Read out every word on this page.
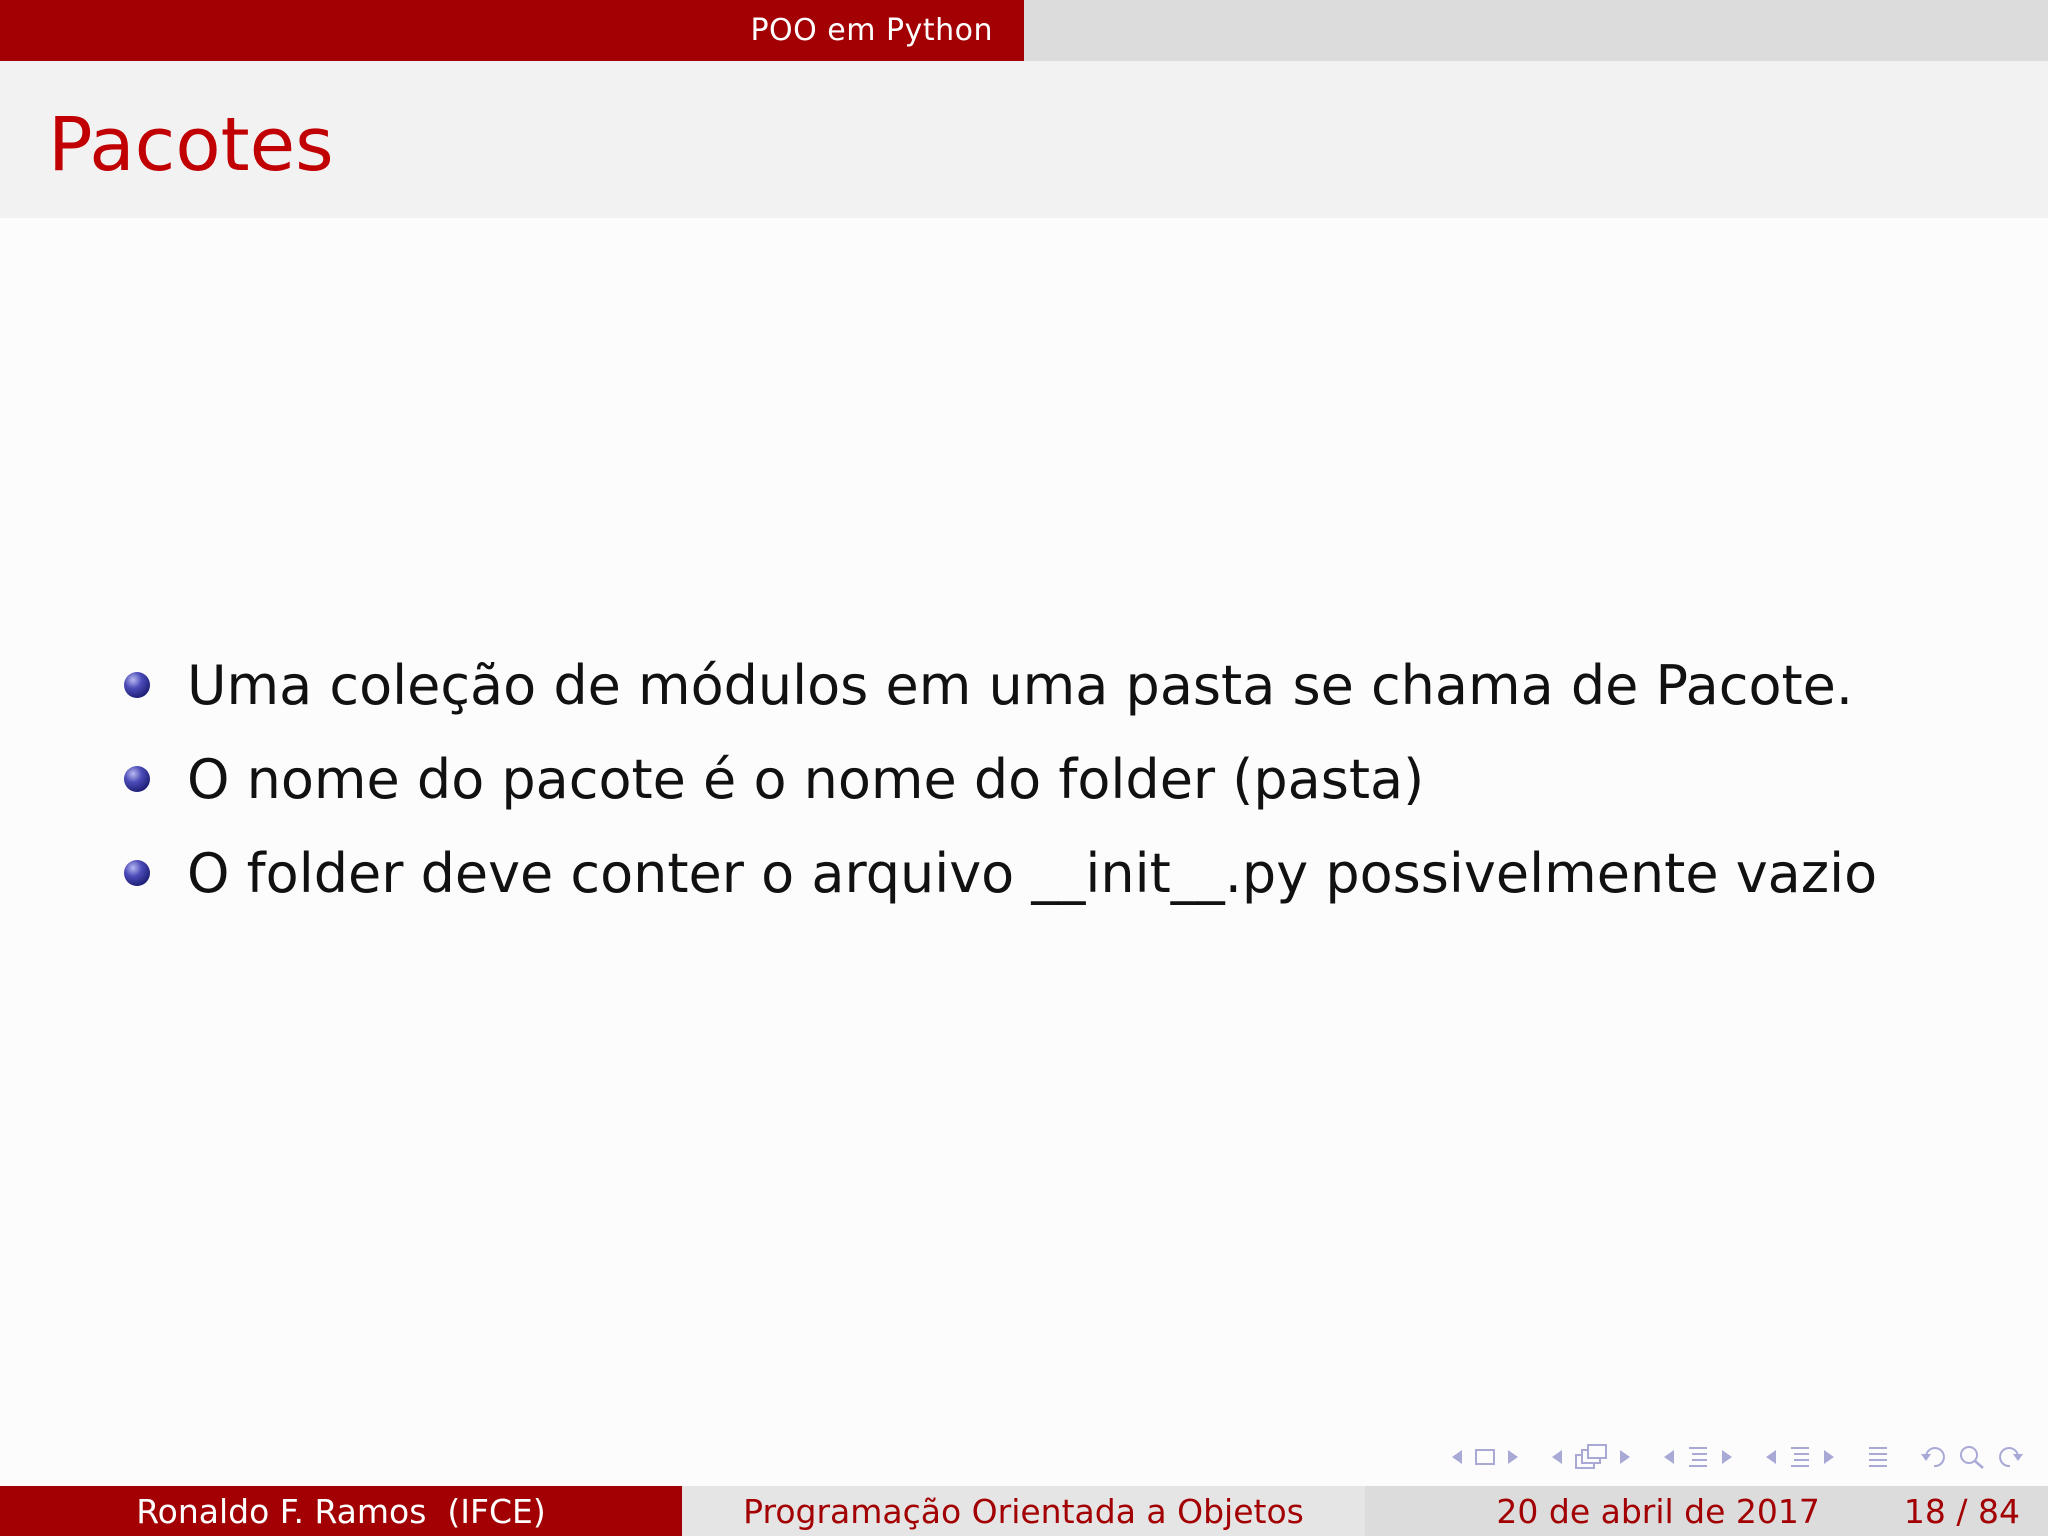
POO em Python
Pacotes
Uma coleção de módulos em uma pasta se chama de Pacote.
O nome do pacote é o nome do folder (pasta)
O folder deve conter o arquivo __init__.py possivelmente vazio
Ronaldo F. Ramos  (IFCE)	Programação Orientada a Objetos	20 de abril de 2017	18 / 84
